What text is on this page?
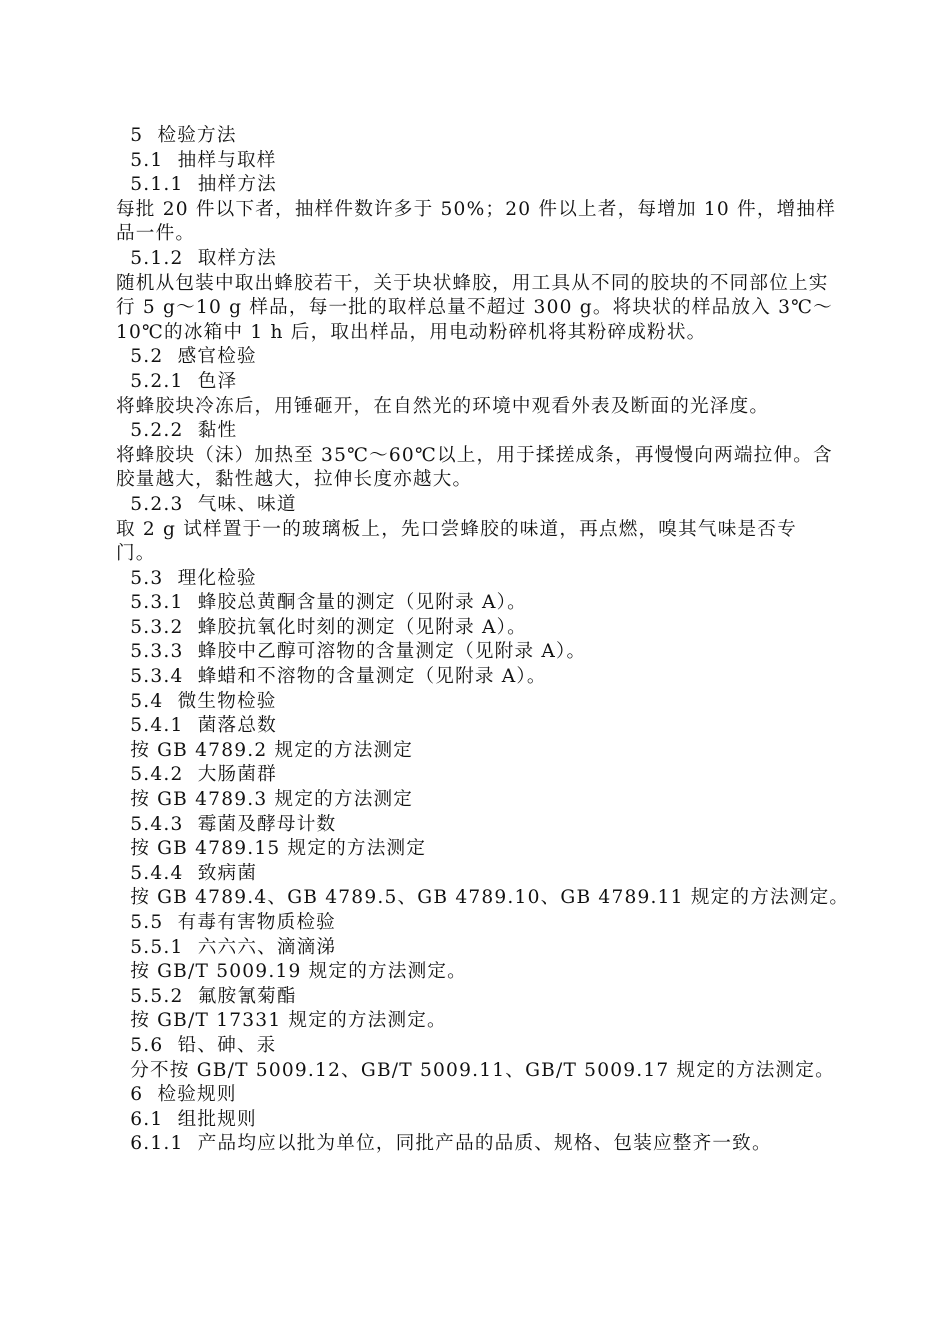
5  检验方法
5.1  抽样与取样
5.1.1  抽样方法
每批 20 件以下者，抽样件数许多于 50%；20 件以上者，每增加 10 件，增抽样品一件。
5.1.2  取样方法
随机从包装中取出蜂胶若干，关于块状蜂胶，用工具从不同的胶块的不同部位上实行 5 g～10 g 样品，每一批的取样总量不超过 300 g。将块状的样品放入 3℃～10℃的冰箱中 1 h 后，取出样品，用电动粉碎机将其粉碎成粉状。
5.2  感官检验
5.2.1  色泽
将蜂胶块冷冻后，用锤砸开，在自然光的环境中观看外表及断面的光泽度。
5.2.2  黏性
将蜂胶块（沫）加热至 35℃～60℃以上，用于揉搓成条，再慢慢向两端拉伸。含胶量越大，黏性越大，拉伸长度亦越大。
5.2.3  气味、味道
取 2 g 试样置于一的玻璃板上，先口尝蜂胶的味道，再点燃，嗅其气味是否专门。
5.3  理化检验
5.3.1  蜂胶总黄酮含量的测定（见附录 A）。
5.3.2  蜂胶抗氧化时刻的测定（见附录 A）。
5.3.3  蜂胶中乙醇可溶物的含量测定（见附录 A）。
5.3.4  蜂蜡和不溶物的含量测定（见附录 A）。
5.4  微生物检验
5.4.1  菌落总数
按 GB 4789.2 规定的方法测定
5.4.2  大肠菌群
按 GB 4789.3 规定的方法测定
5.4.3  霉菌及酵母计数
按 GB 4789.15 规定的方法测定
5.4.4  致病菌
按 GB 4789.4、GB 4789.5、GB 4789.10、GB 4789.11 规定的方法测定。
5.5  有毒有害物质检验
5.5.1  六六六、滴滴涕
按 GB/T 5009.19 规定的方法测定。
5.5.2  氟胺氰菊酯
按 GB/T 17331 规定的方法测定。
5.6  铅、砷、汞
分不按 GB/T 5009.12、GB/T 5009.11、GB/T 5009.17 规定的方法测定。
6  检验规则
6.1  组批规则
6.1.1  产品均应以批为单位，同批产品的品质、规格、包装应整齐一致。
